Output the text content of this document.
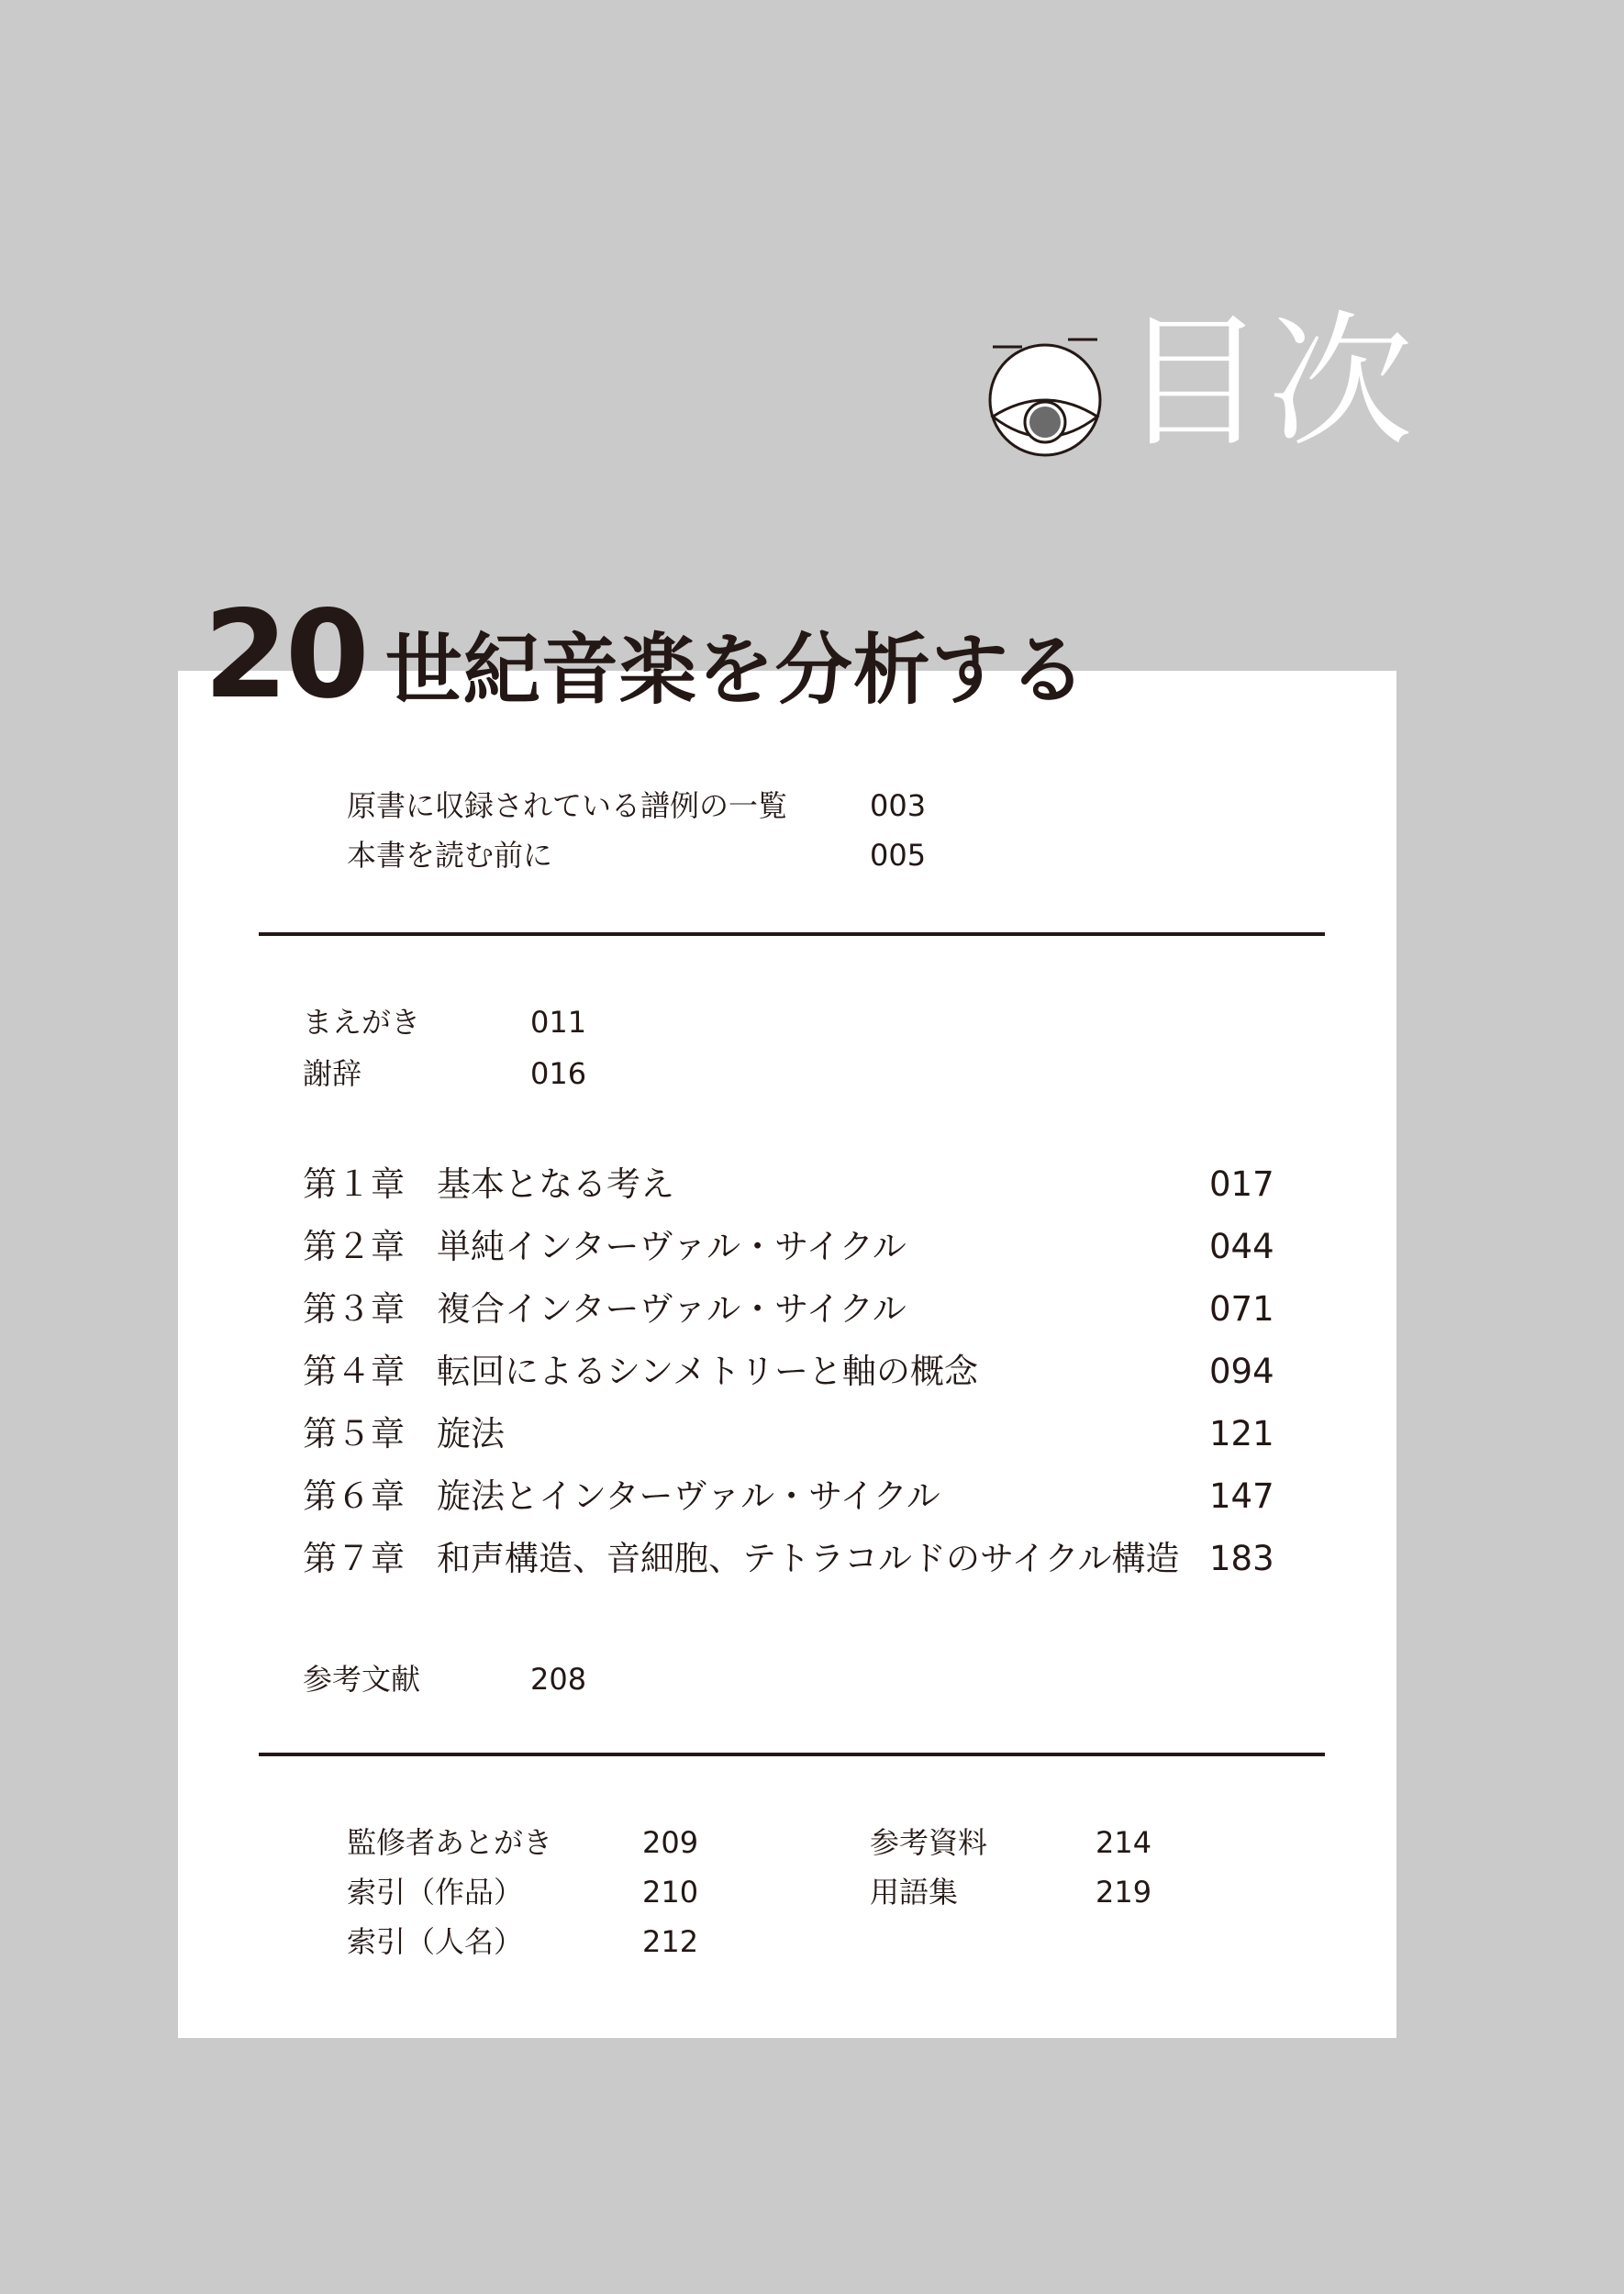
目次
20 世紀音楽を分析する
原書に収録されている譜例の一覧	003
本書を読む前に	005
まえがき	011
謝辞	016
第１章 基本となる考え	017
第２章 単純インターヴァル・サイクル	044
第３章 複合インターヴァル・サイクル	071
第４章 転回によるシンメトリーと軸の概念	094
第５章 旋法	121
第６章 旋法とインターヴァル・サイクル	147
第７章 和声構造、音細胞、テトラコルドのサイクル構造 183
参考文献	208
監修者あとがき	209
索引（作品）	210
索引（人名）	212
参考資料	214
用語集	219
